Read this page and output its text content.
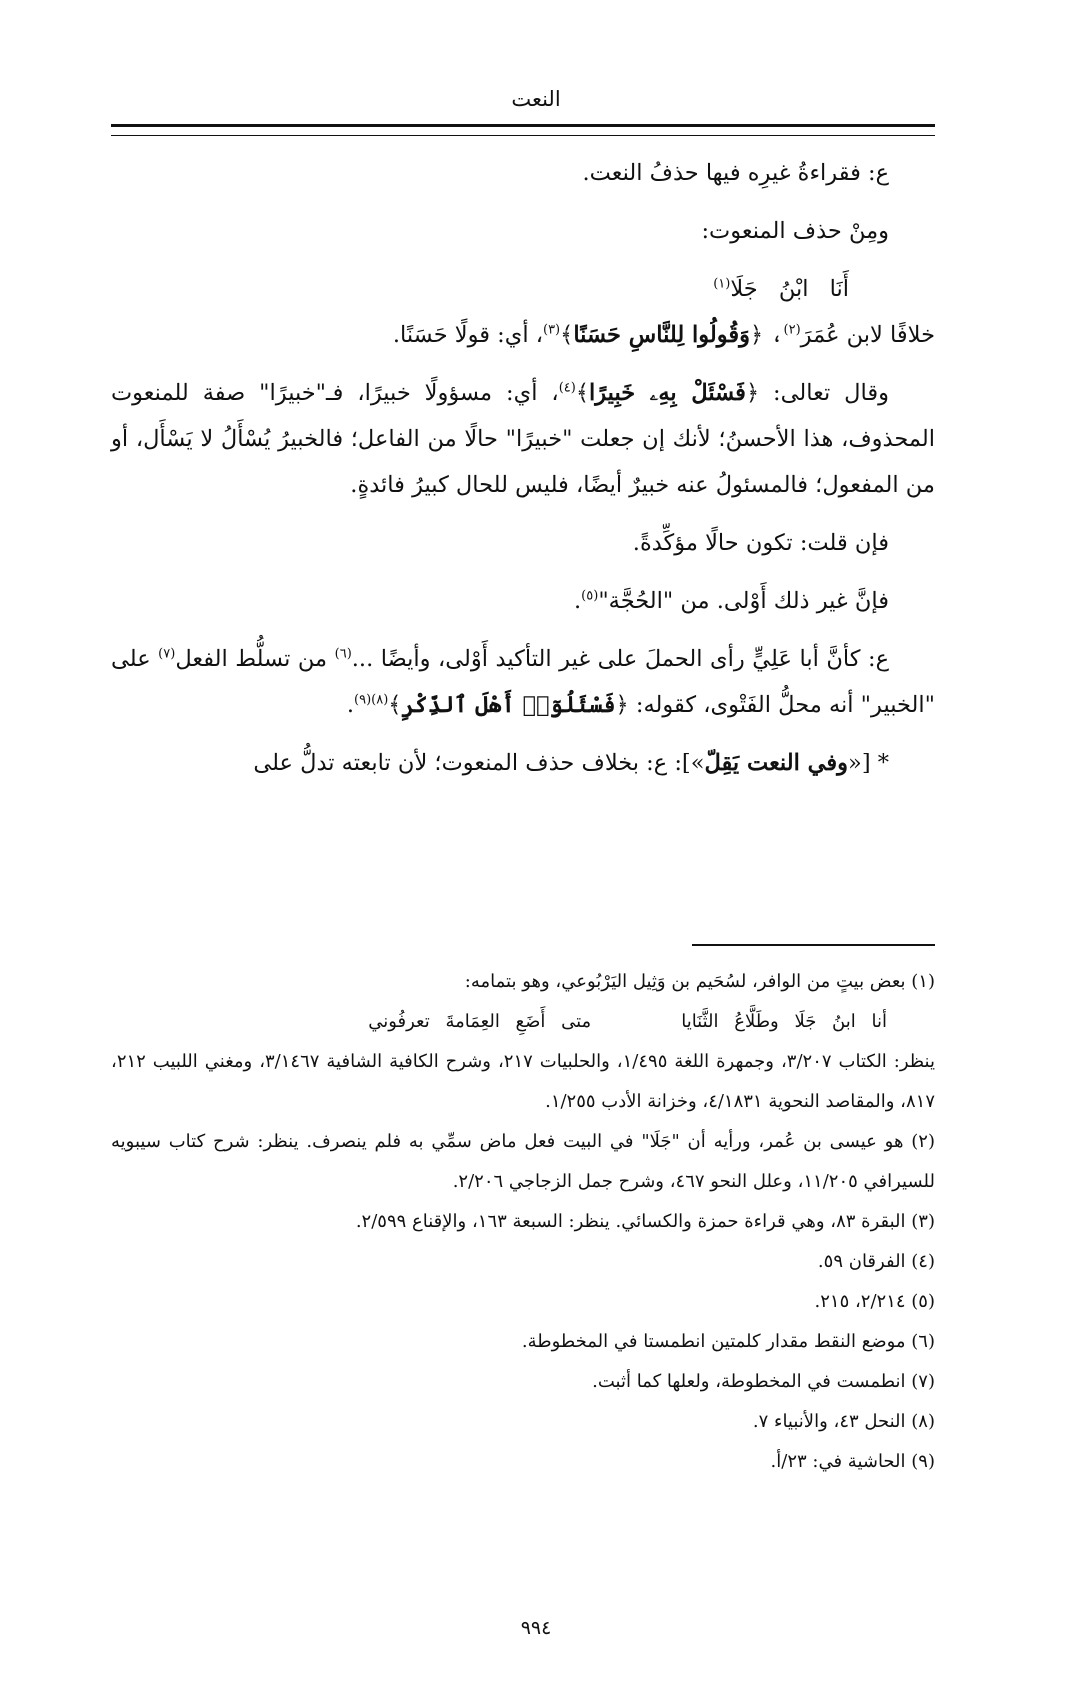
النعت

ع: فقراءةُ غيرِه فيها حذفُ النعت.

ومِنْ حذف المنعوت:

أَنَا ابْنُ جَلَا$^{(١)}$

خلافًا لابن عُمَرَ$^{(٢)}$، ﴿وَقُولُوا لِلنَّاسِ حَسَنًا﴾$^{(٣)}$، أي: قولًا حَسَنًا.

وقال تعالى: ﴿فَسْئَلْ بِهِۦ خَبِيرًا﴾$^{(٤)}$، أي: مسؤولًا خبيرًا، فـ"خبيرًا" صفة للمنعوت المحذوف، هذا الأحسنُ؛ لأنك إن جعلت "خبيرًا" حالًا من الفاعل؛ فالخبيرُ يُسْأَلُ لا يَسْأَل، أو من المفعول؛ فالمسئولُ عنه خبيرٌ أيضًا، فليس للحال كبيرُ فائدةٍ.

فإن قلت: تكون حالًا مؤكِّدةً.

فإنَّ غير ذلك أَوْلى. من "الحُجَّة"$^{(٥)}$.

ع: كأنَّ أبا عَلِيٍّ رأى الحملَ على غير التأكيد أَوْلى، وأيضًا ...$^{(٦)}$ من تسلُّط الفعل$^{(٧)}$ على "الخبير" أنه محلُّ الفَتْوى، كقوله: ﴿فَسْئَلُوٓا۟ أَهْلَ ٱلذِّكْرِ﴾$^{(٨)(٩)}$.

* [«وفي النعت يَقِلّ»]: ع: بخلاف حذف المنعوت؛ لأن تابعته تدلُّ على

(١) بعض بيتٍ من الوافر، لسُحَيم بن وَثِيل اليَرْبُوعي، وهو بتمامه:

أنا ابنُ جَلَا وطَلَّاعُ الثَّنَايا
متى أَضَعِ العِمَامةَ تعرفُوني

ينظر: الكتاب ٣/٢٠٧، وجمهرة اللغة ١/٤٩٥، والحلبيات ٢١٧، وشرح الكافية الشافية ٣/١٤٦٧، ومغني اللبيب ٢١٢، ٨١٧، والمقاصد النحوية ٤/١٨٣١، وخزانة الأدب ١/٢٥٥.

(٢) هو عيسى بن عُمر، ورأيه أن "جَلَا" في البيت فعل ماض سمِّي به فلم ينصرف. ينظر: شرح كتاب سيبويه للسيرافي ١١/٢٠٥، وعلل النحو ٤٦٧، وشرح جمل الزجاجي ٢/٢٠٦.

(٣) البقرة ٨٣، وهي قراءة حمزة والكسائي. ينظر: السبعة ١٦٣، والإقناع ٢/٥٩٩.

(٤) الفرقان ٥٩.

(٥) ٢/٢١٤، ٢١٥.

(٦) موضع النقط مقدار كلمتين انطمستا في المخطوطة.

(٧) انطمست في المخطوطة، ولعلها كما أثبت.

(٨) النحل ٤٣، والأنبياء ٧.

(٩) الحاشية في: ٢٣/أ.

٩٩٤
